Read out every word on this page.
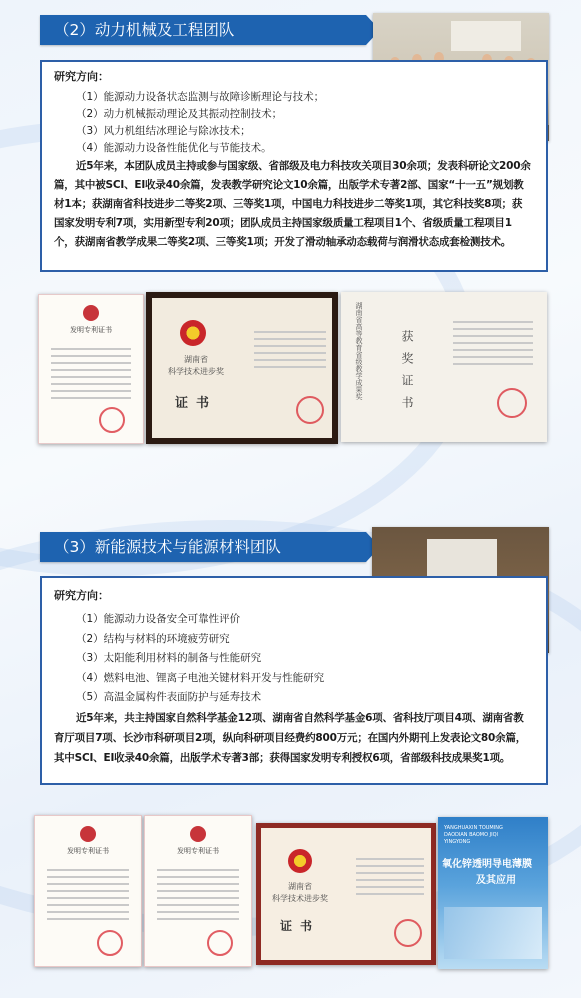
（2）动力机械及工程团队
研究方向：
（1）能源动力设备状态监测与故障诊断理论与技术；
（2）动力机械振动理论及其振动控制技术；
（3）风力机组结冰理论与除冰技术；
（4）能源动力设备性能优化与节能技术。

近5年来，本团队成员主持或参与国家级、省部级及电力科技攻关项目30余项；发表科研论文200余篇，其中被SCI、EI收录40余篇，发表教学研究论文10余篇，出版学术专著2部、国家“十一五”规划教材1本；获湖南省科技进步二等奖2项、三等奖1项，中国电力科技进步二等奖1项，其它科技奖8项；获国家发明专利7项，实用新型专利20项；团队成员主持国家级质量工程项目1个、省级质量工程项目1个，获湖南省教学成果二等奖2项、三等奖1项；开发了滑动轴承动态载荷与润滑状态成套检测技术。

发明专利证书
湖南省
科学技术进步奖
证书
湖南省高等教育省级教学成果奖	获奖证书
（3）新能源技术与能源材料团队
研究方向：
（1）能源动力设备安全可靠性评价
（2）结构与材料的环境疲劳研究
（3）太阳能利用材料的制备与性能研究
（4）燃料电池、锂离子电池关键材料开发与性能研究
（5）高温金属构件表面防护与延寿技术

近5年来，共主持国家自然科学基金12项、湖南省自然科学基金6项、省科技厅项目4项、湖南省教育厅项目7项、长沙市科研项目2项，纵向科研项目经费约800万元；在国内外期刊上发表论文80余篇，其中SCI、EI收录40余篇，出版学术专著3部；获得国家发明专利授权6项，省部级科技成果奖1项。

发明专利证书	发明专利证书
湖南省
科学技术进步奖
证书
YANGHUAXIN TOUMING DAODIAN BAOMO JIQI YINGYONG
氧化锌透明导电薄膜
及其应用
